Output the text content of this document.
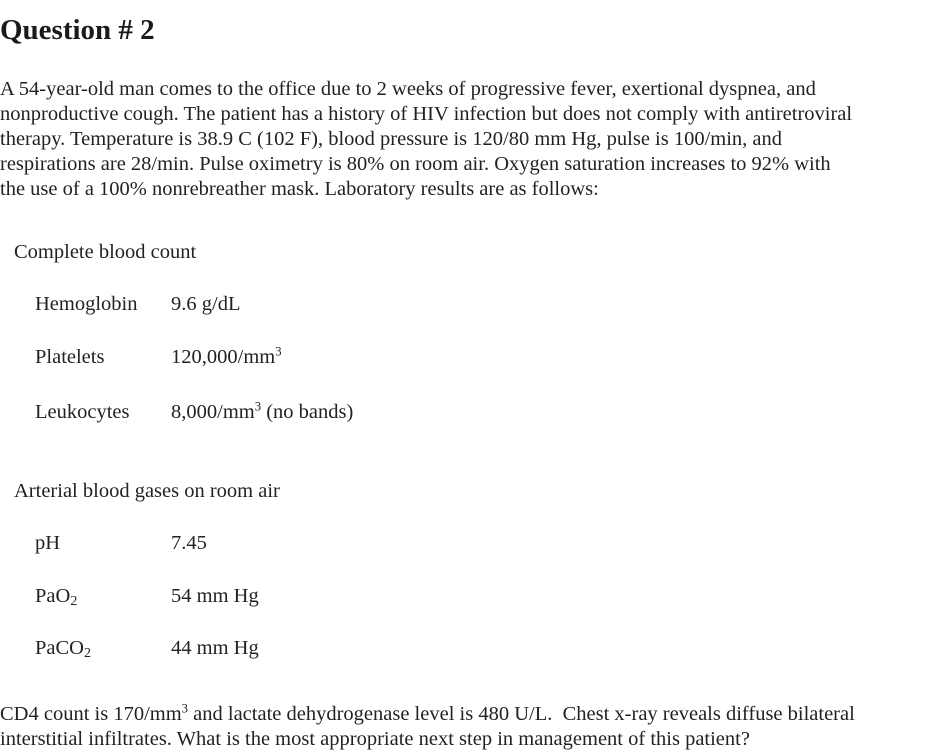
Question # 2

A 54-year-old man comes to the office due to 2 weeks of progressive fever, exertional dyspnea, and
nonproductive cough. The patient has a history of HIV infection but does not comply with antiretroviral
therapy. Temperature is 38.9 C (102 F), blood pressure is 120/80 mm Hg, pulse is 100/min, and
respirations are 28/min. Pulse oximetry is 80% on room air. Oxygen saturation increases to 92% with
the use of a 100% nonrebreather mask. Laboratory results are as follows:

Complete blood count
Hemoglobin 9.6 g/dL
Platelets	$120,000/mm^3$
Leukocytes $8,000/mm^3$ (no bands)
Arterial blood gases on room air
pH	7.45
PaO$_2$	54 mm Hg
PaCO$_2$	44 mm Hg

CD4 count is $170/mm^3$ and lactate dehydrogenase level is 480 U/L.  Chest x-ray reveals diffuse bilateral
interstitial infiltrates. What is the most appropriate next step in management of this patient?
